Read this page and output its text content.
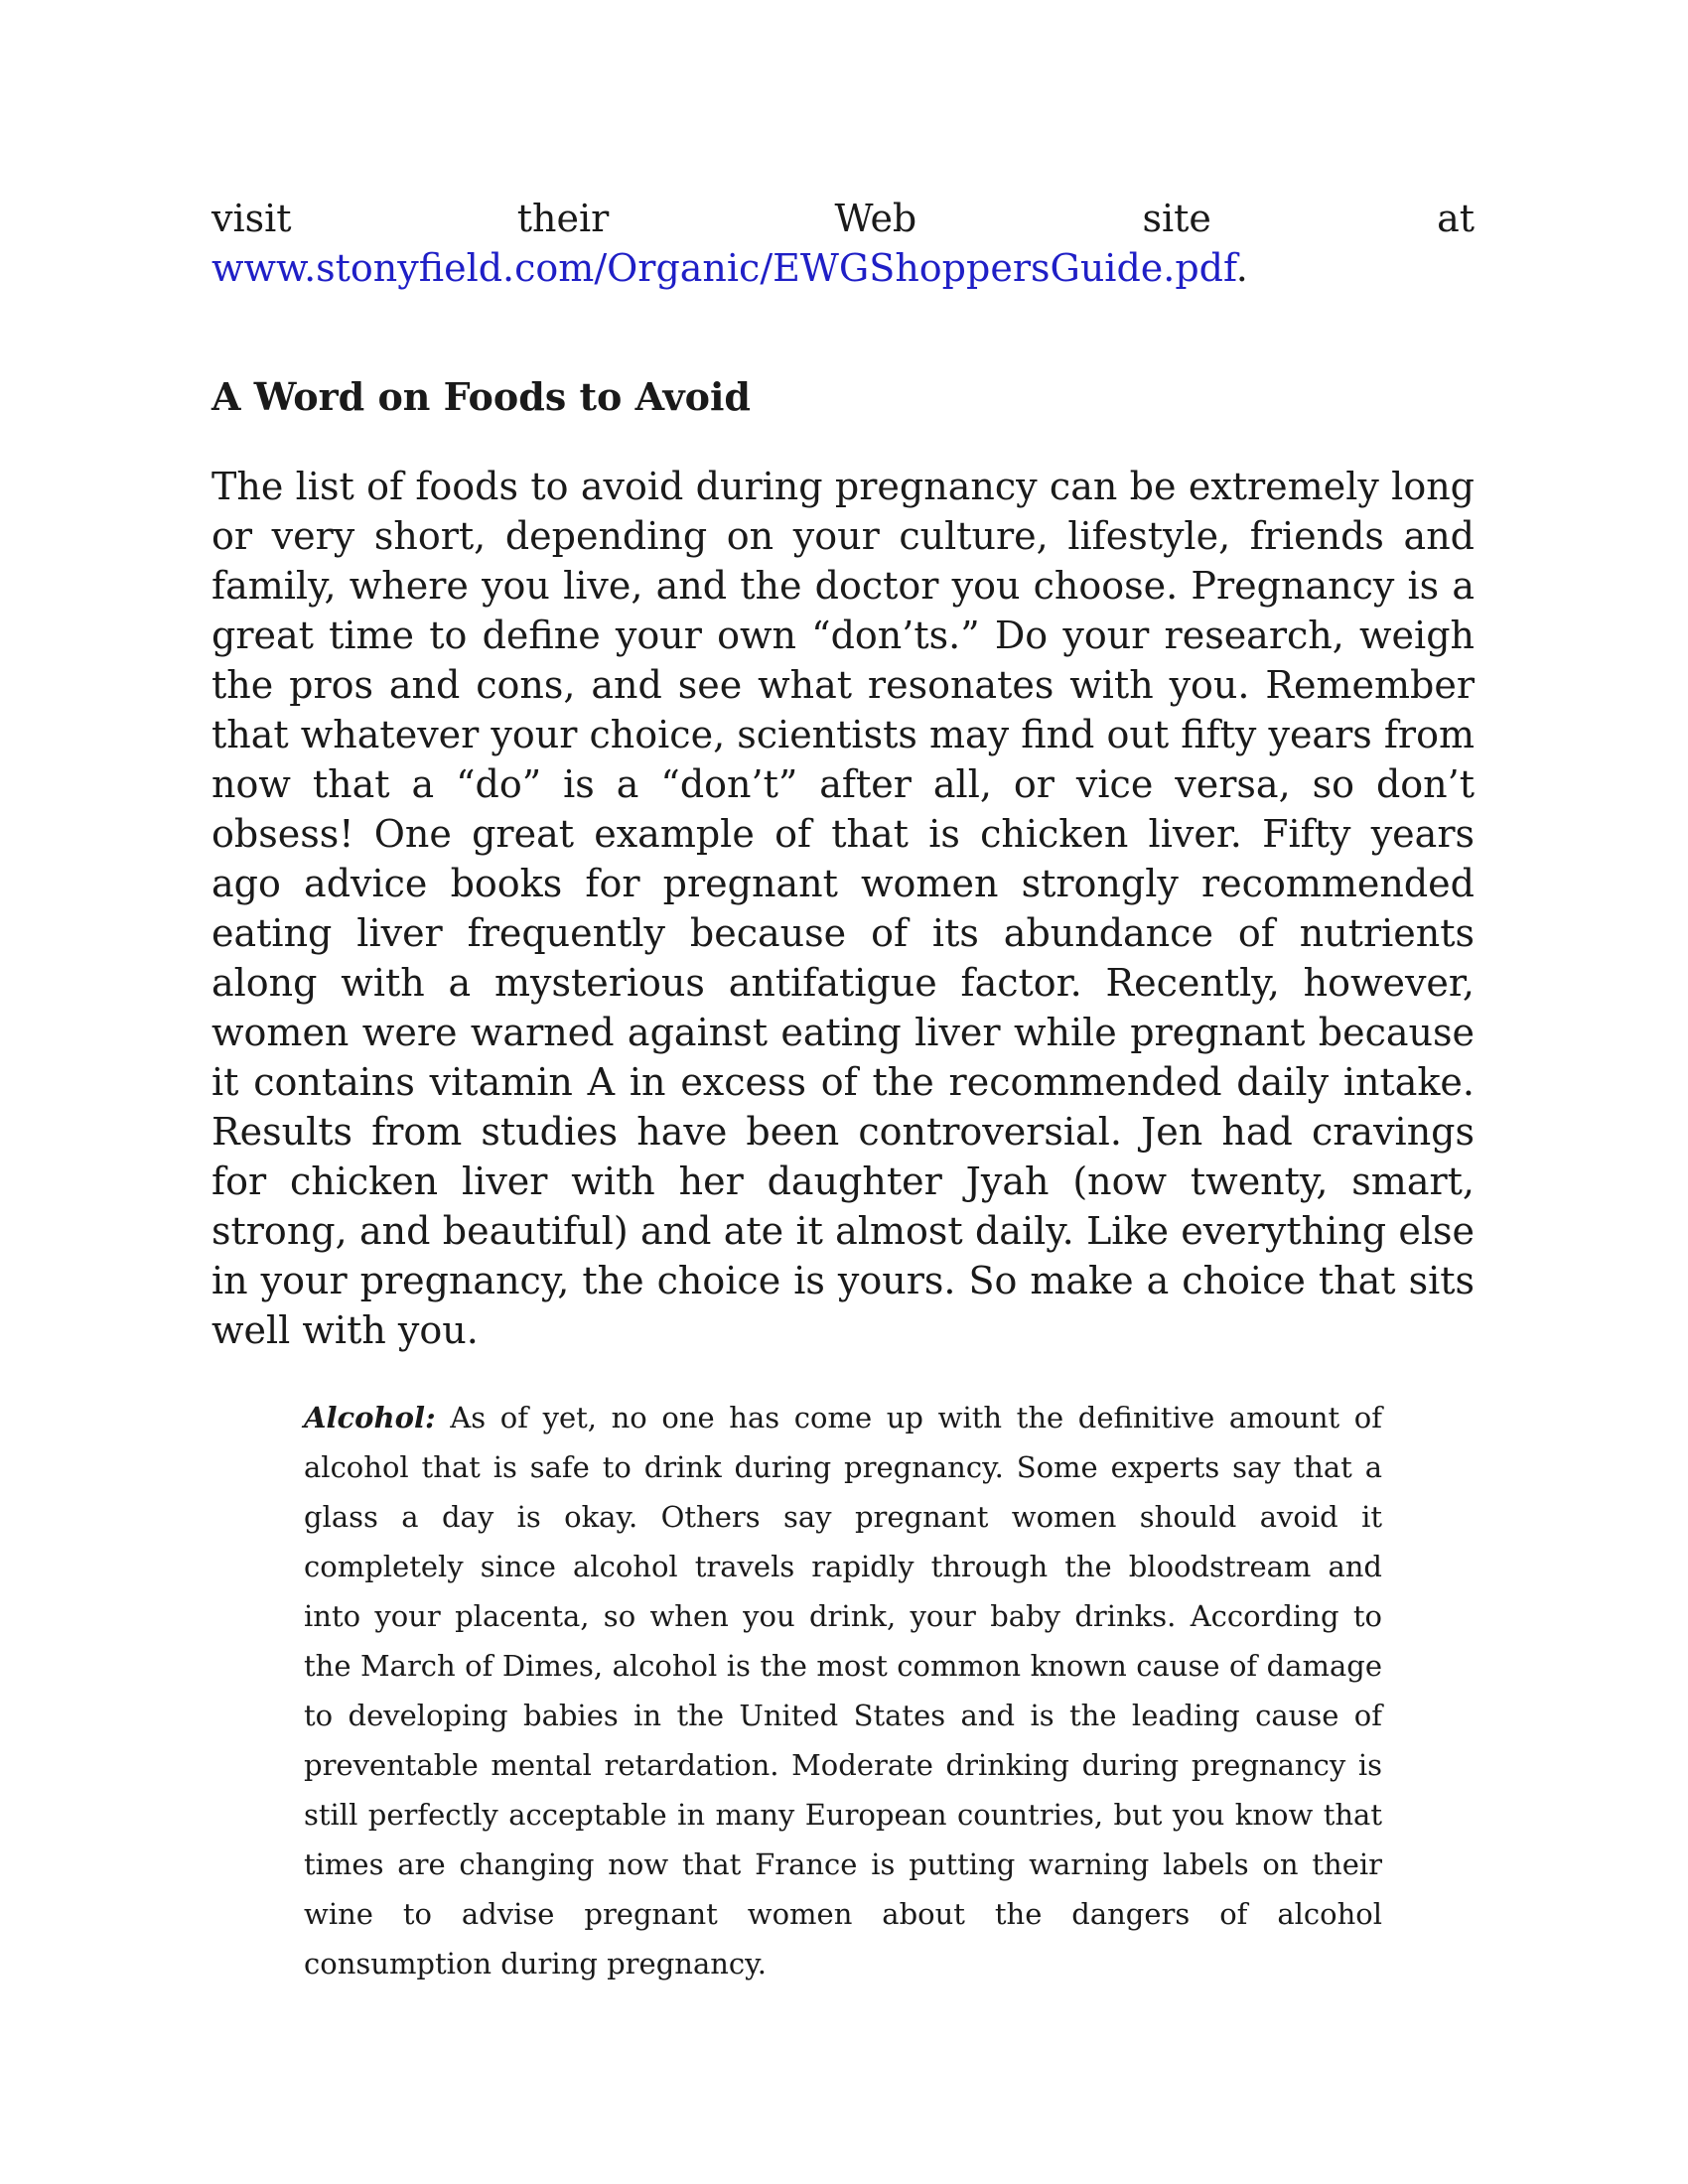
visit	their	Web	site	at
www.stonyfield.com/Organic/EWGShoppersGuide.pdf.
A Word on Foods to Avoid

The list of foods to avoid during pregnancy can be extremely long or very short, depending on your culture, lifestyle, friends and family, where you live, and the doctor you choose. Pregnancy is a great time to define your own “don’ts.” Do your research, weigh the pros and cons, and see what resonates with you. Remember that whatever your choice, scientists may find out fifty years from now that a “do” is a “don’t” after all, or vice versa, so don’t obsess! One great example of that is chicken liver. Fifty years ago advice books for pregnant women strongly recommended eating liver frequently because of its abundance of nutrients along with a mysterious antifatigue factor. Recently, however, women were warned against eating liver while pregnant because it contains vitamin A in excess of the recommended daily intake. Results from studies have been controversial. Jen had cravings for chicken liver with her daughter Jyah (now twenty, smart, strong, and beautiful) and ate it almost daily. Like everything else in your pregnancy, the choice is yours. So make a choice that sits well with you.

Alcohol: As of yet, no one has come up with the definitive amount of alcohol that is safe to drink during pregnancy. Some experts say that a glass a day is okay. Others say pregnant women should avoid it completely since alcohol travels rapidly through the bloodstream and into your placenta, so when you drink, your baby drinks. According to the March of Dimes, alcohol is the most common known cause of damage to developing babies in the United States and is the leading cause of preventable mental retardation. Moderate drinking during pregnancy is still perfectly acceptable in many European countries, but you know that times are changing now that France is putting warning labels on their wine to advise pregnant women about the dangers of alcohol consumption during pregnancy.
